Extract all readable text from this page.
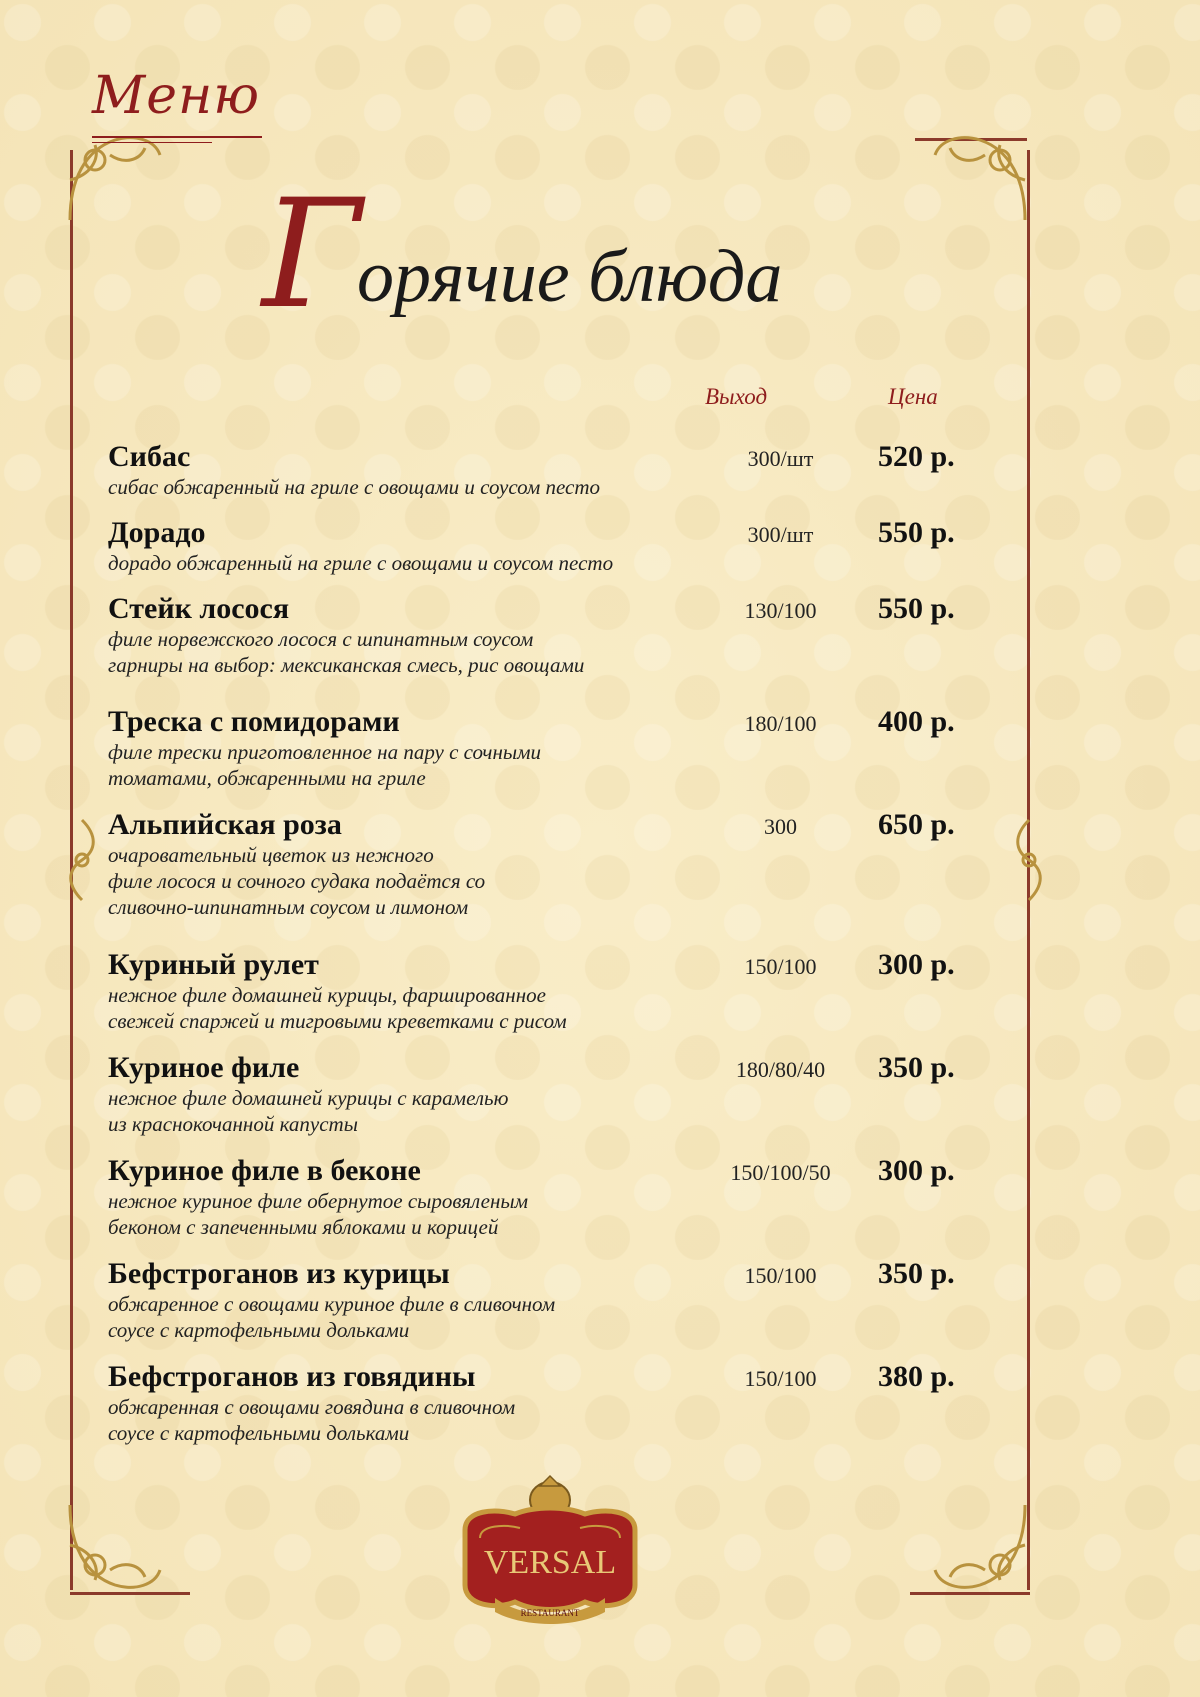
Меню
Г
орячие блюда
Выход	Цена
Сибас
сибас обжаренный на гриле с овощами и соусом песто
300/шт	520 р.
Дорадо
дорадо обжаренный на гриле с овощами и соусом песто
300/шт	550 р.
Стейк лосося
филе норвежского лосося с шпинатным соусом
гарниры на выбор: мексиканская смесь, рис овощами
130/100	550 р.
Треска с помидорами
филе трески приготовленное на пару с сочными
томатами, обжаренными на гриле
180/100	400 р.
Альпийская роза
очаровательный цветок из нежного
филе лосося и сочного судака подаётся со
сливочно-шпинатным соусом и лимоном
300	650 р.
Куриный рулет
нежное филе домашней курицы, фаршированное
свежей спаржей и тигровыми креветками с рисом
150/100	300 р.
Куриное филе
нежное филе домашней курицы с карамелью
из краснокочанной капусты
180/80/40	350 р.
Куриное филе в беконе
нежное куриное филе обернутое сыровяленым
беконом с запеченными яблоками и корицей
150/100/50	300 р.
Бефстроганов из курицы
обжаренное с овощами куриное филе в сливочном
соусе с картофельными дольками
150/100	350 р.
Бефстроганов из говядины
обжаренная с овощами говядина в сливочном
соусе с картофельными дольками
150/100	380 р.
VERSAL
RESTAURANT
